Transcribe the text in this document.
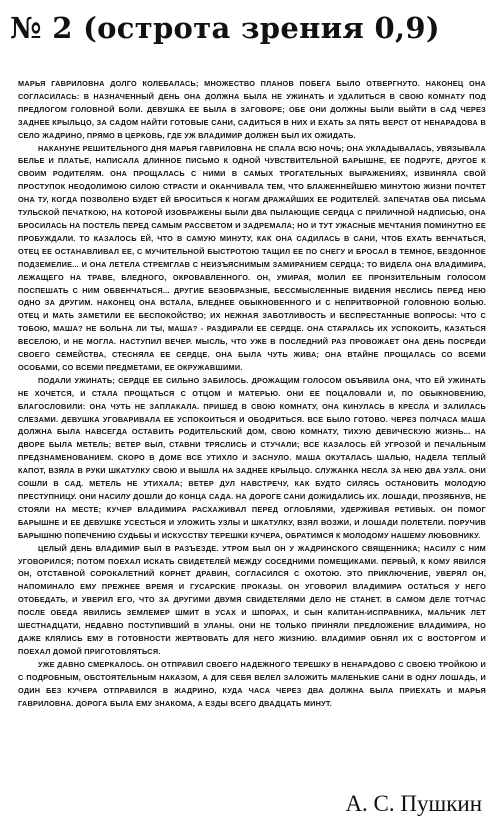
№ 2 (острота зрения 0,9)

МАРЬЯ ГАВРИЛОВНА ДОЛГО КОЛЕБАЛАСЬ; МНОЖЕСТВО ПЛАНОВ ПОБЕГА БЫЛО ОТВЕРГНУТО. НАКОНЕЦ ОНА СОГЛАСИЛАСЬ: В НАЗНАЧЕННЫЙ ДЕНЬ ОНА ДОЛЖНА БЫЛА НЕ УЖИНАТЬ И УДАЛИТЬСЯ В СВОЮ КОМНАТУ ПОД ПРЕДЛОГОМ ГОЛОВНОЙ БОЛИ. ДЕВУШКА ЕЕ БЫЛА В ЗАГОВОРЕ; ОБЕ ОНИ ДОЛЖНЫ БЫЛИ ВЫЙТИ В САД ЧЕРЕЗ ЗАДНЕЕ КРЫЛЬЦО, ЗА САДОМ НАЙТИ ГОТОВЫЕ САНИ, САДИТЬСЯ В НИХ И ЕХАТЬ ЗА ПЯТЬ ВЕРСТ ОТ НЕНАРАДОВА В СЕЛО ЖАДРИНО, ПРЯМО В ЦЕРКОВЬ, ГДЕ УЖ ВЛАДИМИР ДОЛЖЕН БЫЛ ИХ ОЖИДАТЬ.

НАКАНУНЕ РЕШИТЕЛЬНОГО ДНЯ МАРЬЯ ГАВРИЛОВНА НЕ СПАЛА ВСЮ НОЧЬ; ОНА УКЛАДЫВАЛАСЬ, УВЯЗЫВАЛА БЕЛЬЕ И ПЛАТЬЕ, НАПИСАЛА ДЛИННОЕ ПИСЬМО К ОДНОЙ ЧУВСТВИТЕЛЬНОЙ БАРЫШНЕ, ЕЕ ПОДРУГЕ, ДРУГОЕ К СВОИМ РОДИТЕЛЯМ. ОНА ПРОЩАЛАСЬ С НИМИ В САМЫХ ТРОГАТЕЛЬНЫХ ВЫРАЖЕНИЯХ, ИЗВИНЯЛА СВОЙ ПРОСТУПОК НЕОДОЛИМОЮ СИЛОЮ СТРАСТИ И ОКАНЧИВАЛА ТЕМ, ЧТО БЛАЖЕННЕЙШЕЮ МИНУТОЮ ЖИЗНИ ПОЧТЕТ ОНА ТУ, КОГДА ПОЗВОЛЕНО БУДЕТ ЕЙ БРОСИТЬСЯ К НОГАМ ДРАЖАЙШИХ ЕЕ РОДИТЕЛЕЙ. ЗАПЕЧАТАВ ОБА ПИСЬМА ТУЛЬСКОЙ ПЕЧАТКОЮ, НА КОТОРОЙ ИЗОБРАЖЕНЫ БЫЛИ ДВА ПЫЛАЮЩИЕ СЕРДЦА С ПРИЛИЧНОЙ НАДПИСЬЮ, ОНА БРОСИЛАСЬ НА ПОСТЕЛЬ ПЕРЕД САМЫМ РАССВЕТОМ И ЗАДРЕМАЛА; НО И ТУТ УЖАСНЫЕ МЕЧТАНИЯ ПОМИНУТНО ЕЕ ПРОБУЖДАЛИ. ТО КАЗАЛОСЬ ЕЙ, ЧТО В САМУЮ МИНУТУ, КАК ОНА САДИЛАСЬ В САНИ, ЧТОБ ЕХАТЬ ВЕНЧАТЬСЯ, ОТЕЦ ЕЕ ОСТАНАВЛИВАЛ ЕЕ, С МУЧИТЕЛЬНОЙ БЫСТРОТОЮ ТАЩИЛ ЕЕ ПО СНЕГУ И БРОСАЛ В ТЕМНОЕ, БЕЗДОННОЕ ПОДЗЕМЕЛИЕ... И ОНА ЛЕТЕЛА СТРЕМГЛАВ С НЕИЗЪЯСНИМЫМ ЗАМИРАНИЕМ СЕРДЦА; ТО ВИДЕЛА ОНА ВЛАДИМИРА, ЛЕЖАЩЕГО НА ТРАВЕ, БЛЕДНОГО, ОКРОВАВЛЕННОГО. ОН, УМИРАЯ, МОЛИЛ ЕЕ ПРОНЗИТЕЛЬНЫМ ГОЛОСОМ ПОСПЕШАТЬ С НИМ ОБВЕНЧАТЬСЯ... ДРУГИЕ БЕЗОБРАЗНЫЕ, БЕССМЫСЛЕННЫЕ ВИДЕНИЯ НЕСЛИСЬ ПЕРЕД НЕЮ ОДНО ЗА ДРУГИМ. НАКОНЕЦ ОНА ВСТАЛА, БЛЕДНЕЕ ОБЫКНОВЕННОГО И С НЕПРИТВОРНОЙ ГОЛОВНОЮ БОЛЬЮ. ОТЕЦ И МАТЬ ЗАМЕТИЛИ ЕЕ БЕСПОКОЙСТВО; ИХ НЕЖНАЯ ЗАБОТЛИВОСТЬ И БЕСПРЕСТАННЫЕ ВОПРОСЫ: ЧТО С ТОБОЮ, МАША? НЕ БОЛЬНА ЛИ ТЫ, МАША? - РАЗДИРАЛИ ЕЕ СЕРДЦЕ. ОНА СТАРАЛАСЬ ИХ УСПОКОИТЬ, КАЗАТЬСЯ ВЕСЕЛОЮ, И НЕ МОГЛА. НАСТУПИЛ ВЕЧЕР. МЫСЛЬ, ЧТО УЖЕ В ПОСЛЕДНИЙ РАЗ ПРОВОЖАЕТ ОНА ДЕНЬ ПОСРЕДИ СВОЕГО СЕМЕЙСТВА, СТЕСНЯЛА ЕЕ СЕРДЦЕ. ОНА БЫЛА ЧУТЬ ЖИВА; ОНА ВТАЙНЕ ПРОЩАЛАСЬ СО ВСЕМИ ОСОБАМИ, СО ВСЕМИ ПРЕДМЕТАМИ, ЕЕ ОКРУЖАВШИМИ.

ПОДАЛИ УЖИНАТЬ; СЕРДЦЕ ЕЕ СИЛЬНО ЗАБИЛОСЬ. ДРОЖАЩИМ ГОЛОСОМ ОБЪЯВИЛА ОНА, ЧТО ЕЙ УЖИНАТЬ НЕ ХОЧЕТСЯ, И СТАЛА ПРОЩАТЬСЯ С ОТЦОМ И МАТЕРЬЮ. ОНИ ЕЕ ПОЦАЛОВАЛИ И, ПО ОБЫКНОВЕНИЮ, БЛАГОСЛОВИЛИ: ОНА ЧУТЬ НЕ ЗАПЛАКАЛА. ПРИШЕД В СВОЮ КОМНАТУ, ОНА КИНУЛАСЬ В КРЕСЛА И ЗАЛИЛАСЬ СЛЕЗАМИ. ДЕВУШКА УГОВАРИВАЛА ЕЕ УСПОКОИТЬСЯ И ОБОДРИТЬСЯ. ВСЕ БЫЛО ГОТОВО. ЧЕРЕЗ ПОЛЧАСА МАША ДОЛЖНА БЫЛА НАВСЕГДА ОСТАВИТЬ РОДИТЕЛЬСКИЙ ДОМ, СВОЮ КОМНАТУ, ТИХУЮ ДЕВИЧЕСКУЮ ЖИЗНЬ... НА ДВОРЕ БЫЛА МЕТЕЛЬ; ВЕТЕР ВЫЛ, СТАВНИ ТРЯСЛИСЬ И СТУЧАЛИ; ВСЕ КАЗАЛОСЬ ЕЙ УГРОЗОЙ И ПЕЧАЛЬНЫМ ПРЕДЗНАМЕНОВАНИЕМ. СКОРО В ДОМЕ ВСЕ УТИХЛО И ЗАСНУЛО. МАША ОКУТАЛАСЬ ШАЛЬЮ, НАДЕЛА ТЕПЛЫЙ КАПОТ, ВЗЯЛА В РУКИ ШКАТУЛКУ СВОЮ И ВЫШЛА НА ЗАДНЕЕ КРЫЛЬЦО. СЛУЖАНКА НЕСЛА ЗА НЕЮ ДВА УЗЛА. ОНИ СОШЛИ В САД. МЕТЕЛЬ НЕ УТИХАЛА; ВЕТЕР ДУЛ НАВСТРЕЧУ, КАК БУДТО СИЛЯСЬ ОСТАНОВИТЬ МОЛОДУЮ ПРЕСТУПНИЦУ. ОНИ НАСИЛУ ДОШЛИ ДО КОНЦА САДА. НА ДОРОГЕ САНИ ДОЖИДАЛИСЬ ИХ. ЛОШАДИ, ПРОЗЯБНУВ, НЕ СТОЯЛИ НА МЕСТЕ; КУЧЕР ВЛАДИМИРА РАСХАЖИВАЛ ПЕРЕД ОГЛОБЛЯМИ, УДЕРЖИВАЯ РЕТИВЫХ. ОН ПОМОГ БАРЫШНЕ И ЕЕ ДЕВУШКЕ УСЕСТЬСЯ И УЛОЖИТЬ УЗЛЫ И ШКАТУЛКУ, ВЗЯЛ ВОЗЖИ, И ЛОШАДИ ПОЛЕТЕЛИ. ПОРУЧИВ БАРЫШНЮ ПОПЕЧЕНИЮ СУДЬБЫ И ИСКУССТВУ ТЕРЕШКИ КУЧЕРА, ОБРАТИМСЯ К МОЛОДОМУ НАШЕМУ ЛЮБОВНИКУ.

ЦЕЛЫЙ ДЕНЬ ВЛАДИМИР БЫЛ В РАЗЪЕЗДЕ. УТРОМ БЫЛ ОН У ЖАДРИНСКОГО СВЯЩЕННИКА; НАСИЛУ С НИМ УГОВОРИЛСЯ; ПОТОМ ПОЕХАЛ ИСКАТЬ СВИДЕТЕЛЕЙ МЕЖДУ СОСЕДНИМИ ПОМЕЩИКАМИ. ПЕРВЫЙ, К КОМУ ЯВИЛСЯ ОН, ОТСТАВНОЙ СОРОКАЛЕТНИЙ КОРНЕТ ДРАВИН, СОГЛАСИЛСЯ С ОХОТОЮ. ЭТО ПРИКЛЮЧЕНИЕ, УВЕРЯЛ ОН, НАПОМИНАЛО ЕМУ ПРЕЖНЕЕ ВРЕМЯ И ГУСАРСКИЕ ПРОКАЗЫ. ОН УГОВОРИЛ ВЛАДИМИРА ОСТАТЬСЯ У НЕГО ОТОБЕДАТЬ, И УВЕРИЛ ЕГО, ЧТО ЗА ДРУГИМИ ДВУМЯ СВИДЕТЕЛЯМИ ДЕЛО НЕ СТАНЕТ. В САМОМ ДЕЛЕ ТОТЧАС ПОСЛЕ ОБЕДА ЯВИЛИСЬ ЗЕМЛЕМЕР ШМИТ В УСАХ И ШПОРАХ, И СЫН КАПИТАН-ИСПРАВНИКА, МАЛЬЧИК ЛЕТ ШЕСТНАДЦАТИ, НЕДАВНО ПОСТУПИВШИЙ В УЛАНЫ. ОНИ НЕ ТОЛЬКО ПРИНЯЛИ ПРЕДЛОЖЕНИЕ ВЛАДИМИРА, НО ДАЖЕ КЛЯЛИСЬ ЕМУ В ГОТОВНОСТИ ЖЕРТВОВАТЬ ДЛЯ НЕГО ЖИЗНИЮ. ВЛАДИМИР ОБНЯЛ ИХ С ВОСТОРГОМ И ПОЕХАЛ ДОМОЙ ПРИГОТОВЛЯТЬСЯ.

УЖЕ ДАВНО СМЕРКАЛОСЬ. ОН ОТПРАВИЛ СВОЕГО НАДЕЖНОГО ТЕРЕШКУ В НЕНАРАДОВО С СВОЕЮ ТРОЙКОЮ И С ПОДРОБНЫМ, ОБСТОЯТЕЛЬНЫМ НАКАЗОМ, А ДЛЯ СЕБЯ ВЕЛЕЛ ЗАЛОЖИТЬ МАЛЕНЬКИЕ САНИ В ОДНУ ЛОШАДЬ, И ОДИН БЕЗ КУЧЕРА ОТПРАВИЛСЯ В ЖАДРИНО, КУДА ЧАСА ЧЕРЕЗ ДВА ДОЛЖНА БЫЛА ПРИЕХАТЬ И МАРЬЯ ГАВРИЛОВНА. ДОРОГА БЫЛА ЕМУ ЗНАКОМА, А ЕЗДЫ ВСЕГО ДВАДЦАТЬ МИНУТ.

А. С. Пушкин
